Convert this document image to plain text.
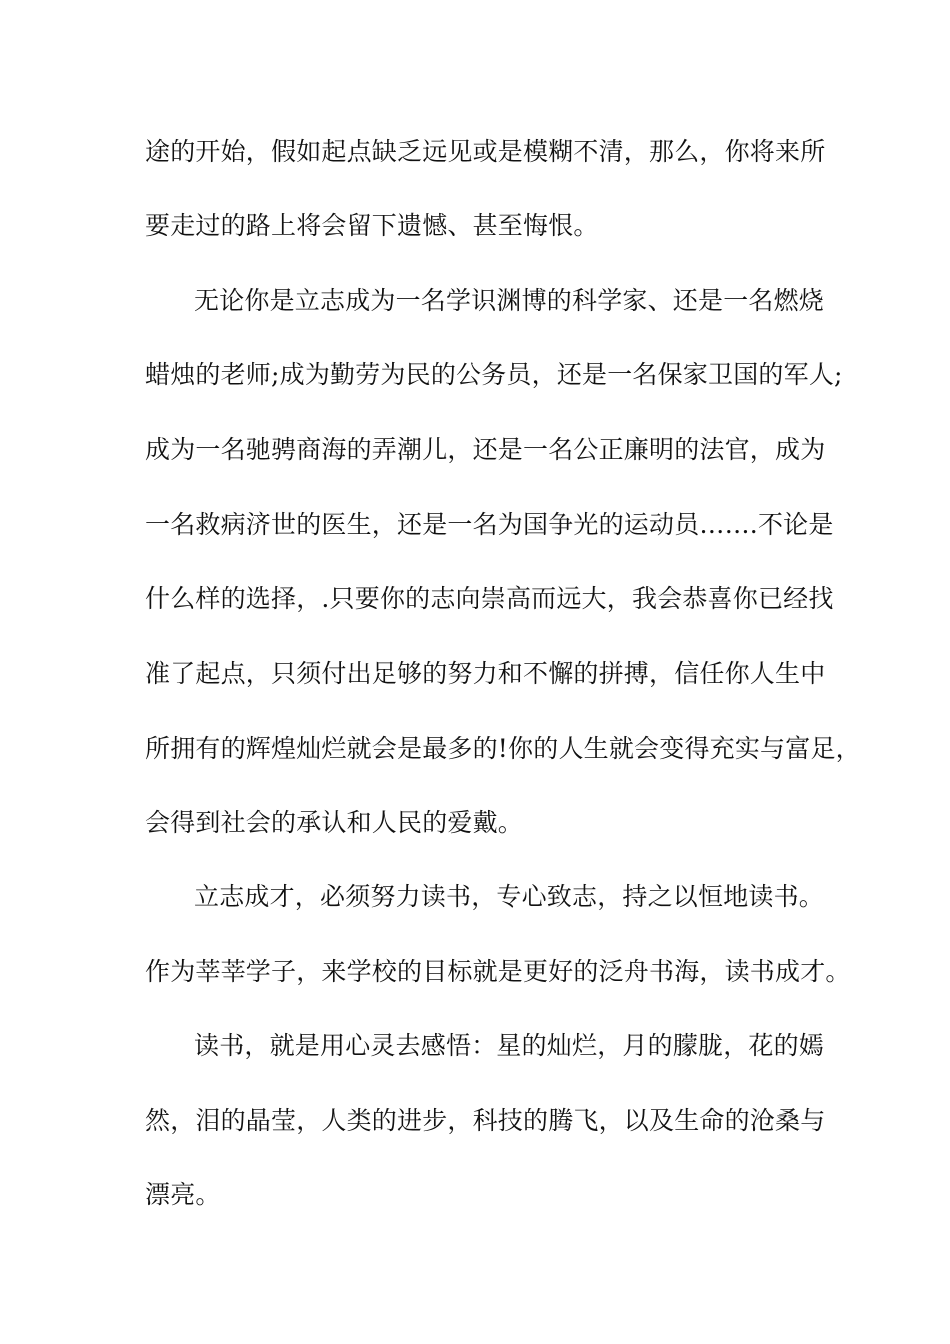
途的开始，假如起点缺乏远见或是模糊不清，那么，你将来所
要走过的路上将会留下遗憾、甚至悔恨。
无论你是立志成为一名学识渊博的科学家、还是一名燃烧
蜡烛的老师;成为勤劳为民的公务员，还是一名保家卫国的军人;
成为一名驰骋商海的弄潮儿，还是一名公正廉明的法官，成为
一名救病济世的医生，还是一名为国争光的运动员…….不论是
什么样的选择，.只要你的志向崇高而远大，我会恭喜你已经找
准了起点，只须付出足够的努力和不懈的拼搏，信任你人生中
所拥有的辉煌灿烂就会是最多的!你的人生就会变得充实与富足，
会得到社会的承认和人民的爱戴。
立志成才，必须努力读书，专心致志，持之以恒地读书。
作为莘莘学子，来学校的目标就是更好的泛舟书海，读书成才。
读书，就是用心灵去感悟：星的灿烂，月的朦胧，花的嫣
然，泪的晶莹，人类的进步，科技的腾飞，以及生命的沧桑与
漂亮。
